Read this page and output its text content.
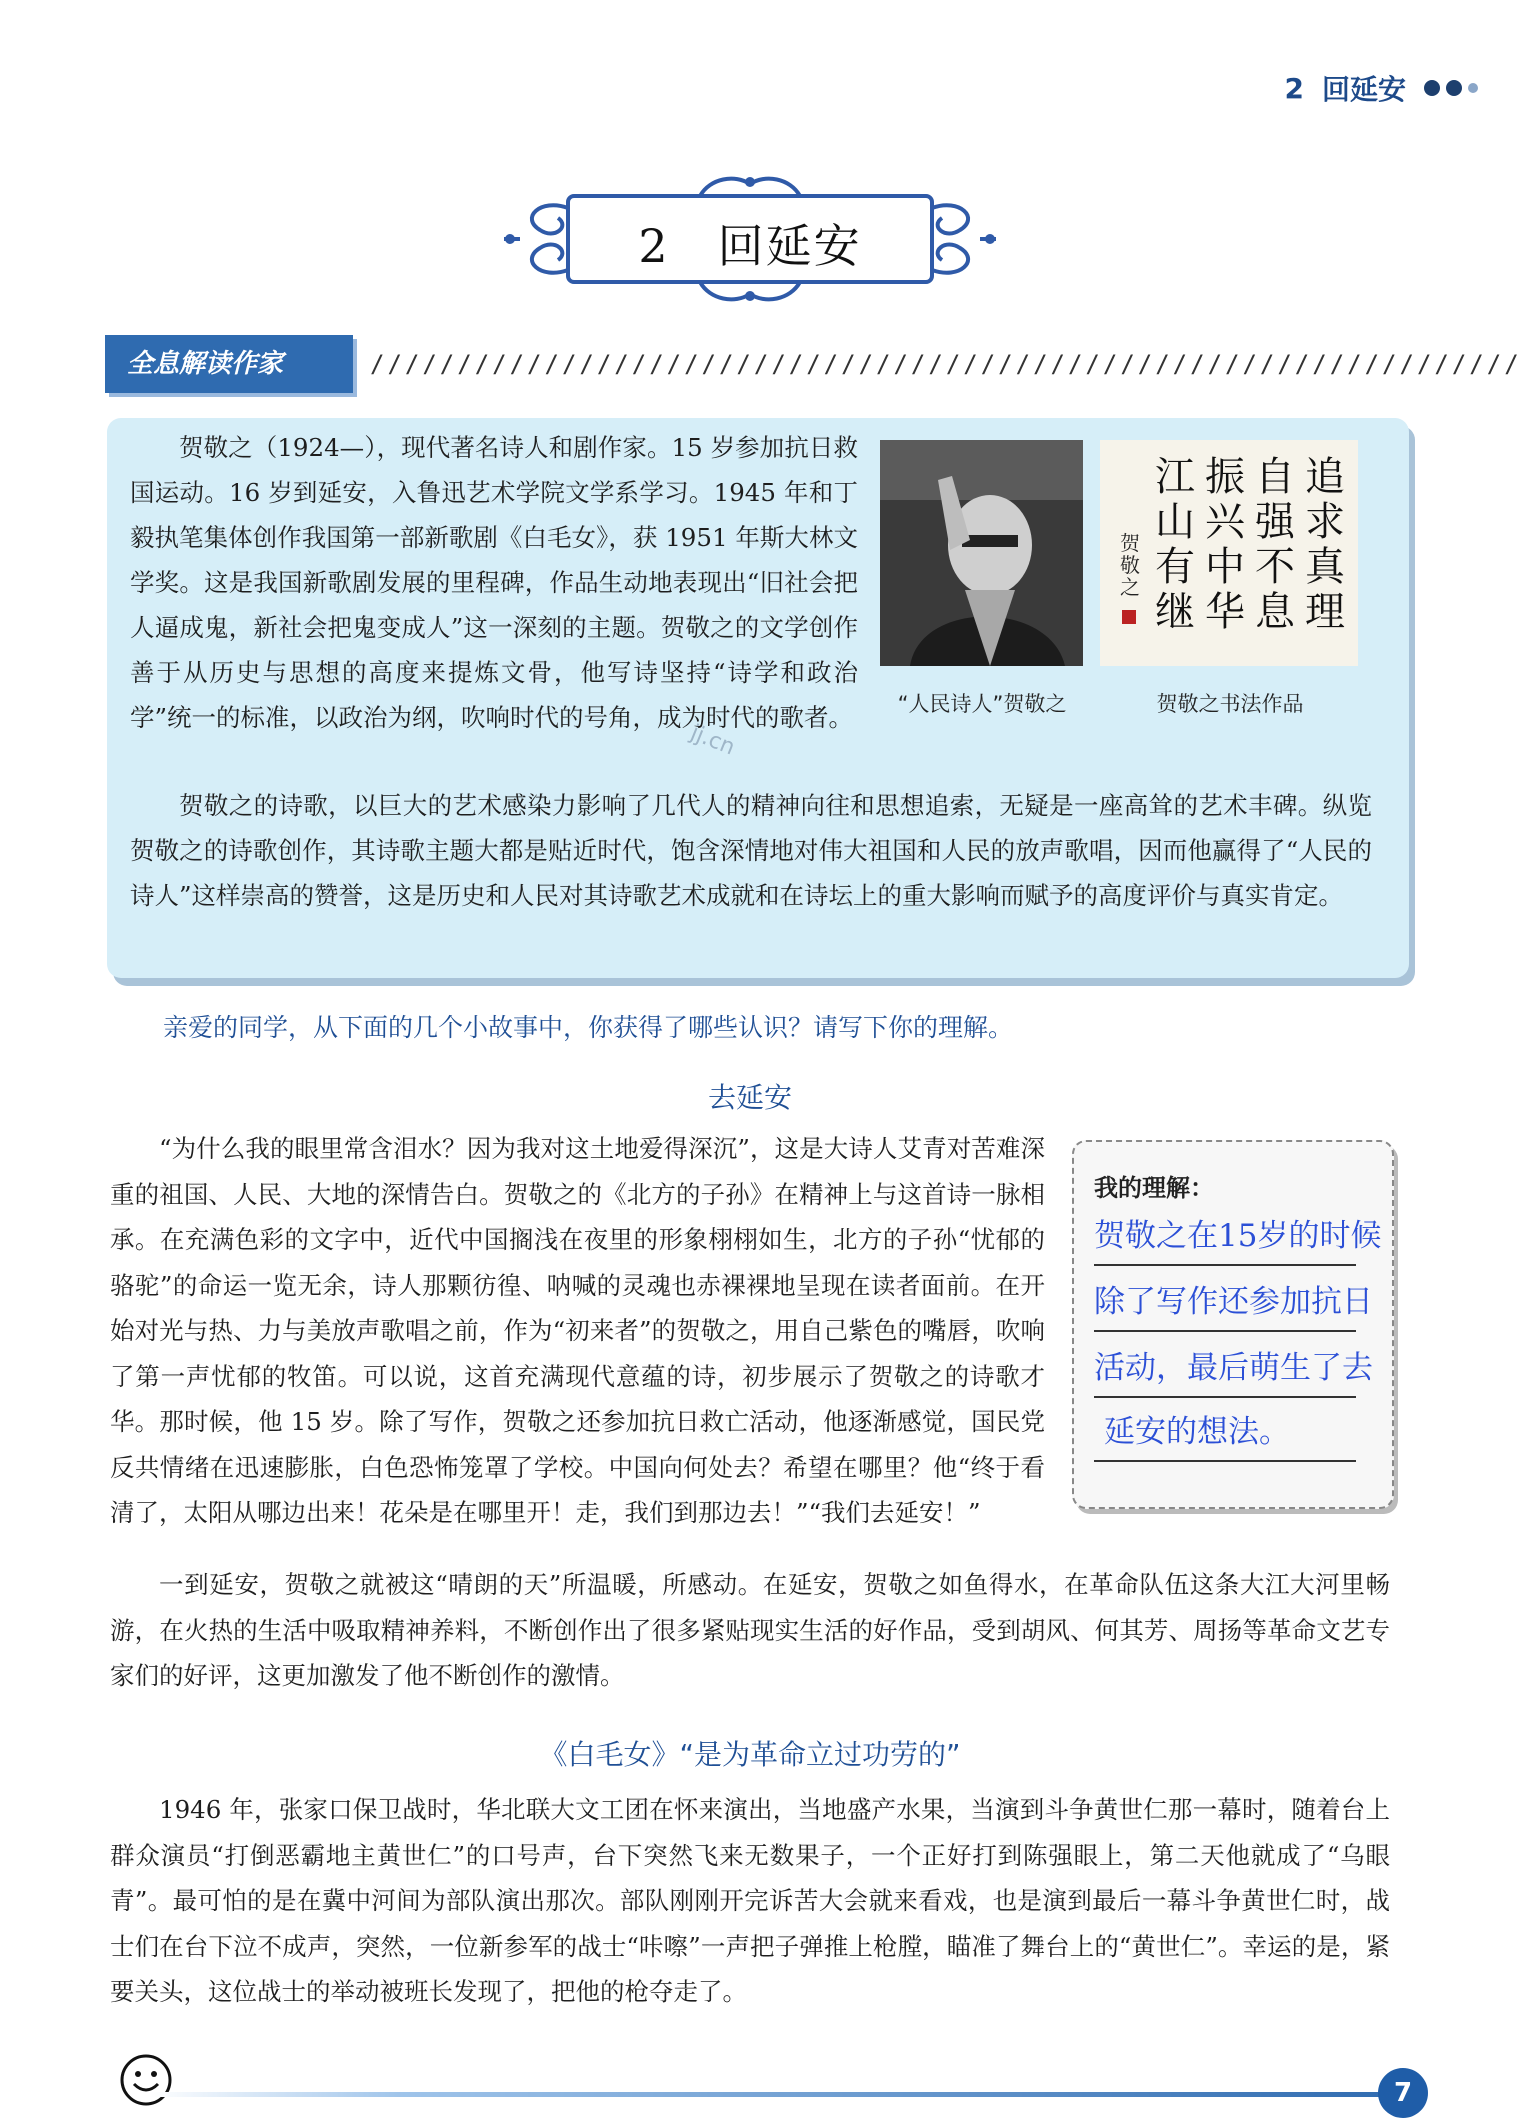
2 回延安
2　回延安
全息解读作家	//////////////////////////////////////////////////////////////////

贺敬之（1924—），现代著名诗人和剧作家。15 岁参加抗日救国运动。16 岁到延安，入鲁迅艺术学院文学系学习。1945 年和丁毅执笔集体创作我国第一部新歌剧《白毛女》，获 1951 年斯大林文学奖。这是我国新歌剧发展的里程碑，作品生动地表现出“旧社会把人逼成鬼，新社会把鬼变成人”这一深刻的主题。贺敬之的文学创作善于从历史与思想的高度来提炼文骨，他写诗坚持“诗学和政治学”统一的标准，以政治为纲，吹响时代的号角，成为时代的歌者。

追
求
真
理
自
强
不
息
振
兴
中
华
江
山
有
继
贺
敬
之
“人民诗人”贺敬之	贺敬之书法作品
jj.cn

贺敬之的诗歌，以巨大的艺术感染力影响了几代人的精神向往和思想追索，无疑是一座高耸的艺术丰碑。纵览贺敬之的诗歌创作，其诗歌主题大都是贴近时代，饱含深情地对伟大祖国和人民的放声歌唱，因而他赢得了“人民的诗人”这样崇高的赞誉，这是历史和人民对其诗歌艺术成就和在诗坛上的重大影响而赋予的高度评价与真实肯定。

亲爱的同学，从下面的几个小故事中，你获得了哪些认识？请写下你的理解。
去延安

“为什么我的眼里常含泪水？因为我对这土地爱得深沉”，这是大诗人艾青对苦难深重的祖国、人民、大地的深情告白。贺敬之的《北方的子孙》在精神上与这首诗一脉相承。在充满色彩的文字中，近代中国搁浅在夜里的形象栩栩如生，北方的子孙“忧郁的骆驼”的命运一览无余，诗人那颗彷徨、呐喊的灵魂也赤裸裸地呈现在读者面前。在开始对光与热、力与美放声歌唱之前，作为“初来者”的贺敬之，用自己紫色的嘴唇，吹响了第一声忧郁的牧笛。可以说，这首充满现代意蕴的诗，初步展示了贺敬之的诗歌才华。那时候，他 15 岁。除了写作，贺敬之还参加抗日救亡活动，他逐渐感觉，国民党反共情绪在迅速膨胀，白色恐怖笼罩了学校。中国向何处去？希望在哪里？他“终于看清了，太阳从哪边出来！花朵是在哪里开！走，我们到那边去！”“我们去延安！”

我的理解：
贺敬之在15岁的时候
除了写作还参加抗日
活动，最后萌生了去
延安的想法。

一到延安，贺敬之就被这“晴朗的天”所温暖，所感动。在延安，贺敬之如鱼得水，在革命队伍这条大江大河里畅游，在火热的生活中吸取精神养料，不断创作出了很多紧贴现实生活的好作品，受到胡风、何其芳、周扬等革命文艺专家们的好评，这更加激发了他不断创作的激情。

《白毛女》“是为革命立过功劳的”

1946 年，张家口保卫战时，华北联大文工团在怀来演出，当地盛产水果，当演到斗争黄世仁那一幕时，随着台上群众演员“打倒恶霸地主黄世仁”的口号声，台下突然飞来无数果子，一个正好打到陈强眼上，第二天他就成了“乌眼青”。最可怕的是在冀中河间为部队演出那次。部队刚刚开完诉苦大会就来看戏，也是演到最后一幕斗争黄世仁时，战士们在台下泣不成声，突然，一位新参军的战士“咔嚓”一声把子弹推上枪膛，瞄准了舞台上的“黄世仁”。幸运的是，紧要关头，这位战士的举动被班长发现了，把他的枪夺走了。

7
